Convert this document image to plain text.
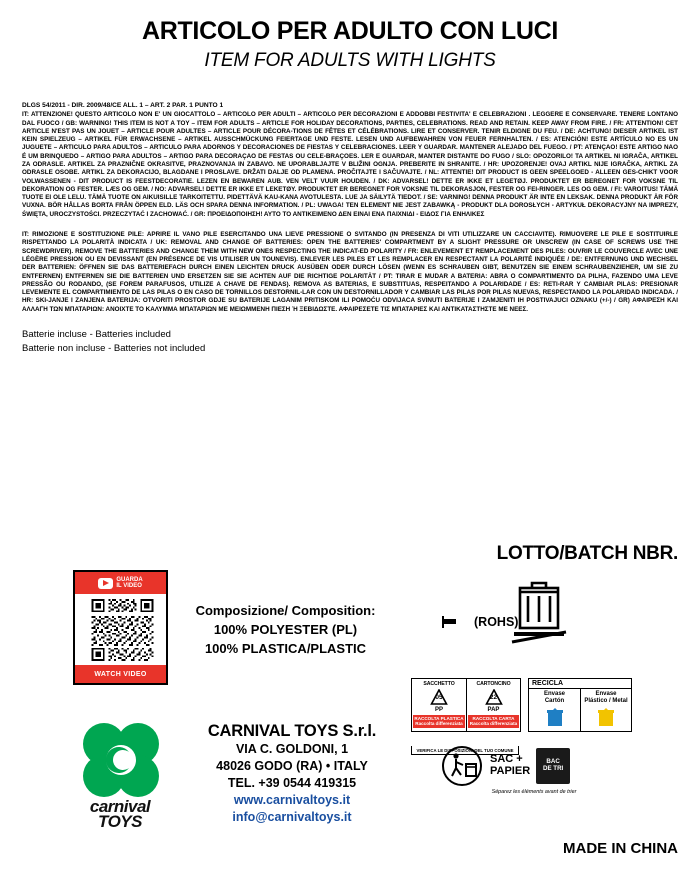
ARTICOLO PER ADULTO CON LUCI
ITEM FOR ADULTS WITH LIGHTS
DLGS 54/2011 - DIR. 2009/48/CE ALL. 1 – ART. 2 PAR. 1 PUNTO 1
IT: ATTENZIONE! QUESTO ARTICOLO NON E' UN GIOCATTOLO – ARTICOLO PER ADULTI – ARTICOLO PER DECORAZIONI E ADDOBBI FESTIVITA' E CELEBRAZIONI . LEGGERE E CONSERVARE. TENERE LONTANO DAL FUOCO / GB: WARNING! THIS ITEM IS NOT A TOY – ITEM FOR ADULTS – ARTICLE FOR HOLIDAY DECORATIONS, PARTIES, CELEBRATIONS. READ AND RETAIN. KEEP AWAY FROM FIRE. / FR: ATTENTION! CET ARTICLE N'EST PAS UN JOUET – ARTICLE POUR ADULTES – ARTICLE POUR DÉCORA-TIONS DE FÊTES ET CÉLÉBRATIONS. LIRE ET CONSERVER. TENIR ELDIGNE DU FEU. / DE: ACHTUNG! DIESER ARTIKEL IST KEIN SPIELZEUG – ARTIKEL FÜR ERWACHSENE – ARTIKEL AUSSCHMÜCKUNG FEIERTAGE UND FESTE. LESEN UND AUFBEWAHREN VON FEUER FERNHALTEN. / ES: ATENCIÓN! ESTE ARTÍCULO NO ES UN JUGUETE – ARTICULO PARA ADULTOS – ARTICULO PARA ADORNOS Y DECORACIONES DE FIESTAS Y CELEBRACIONES. LEER Y GUARDAR. MANTENER ALEJADO DEL FUEGO. / PT: ATENÇAO! ESTE ARTIGO NAO É UM BRINQUEDO – ARTIGO PARA ADULTOS – ARTIGO PARA DECORAÇAO DE FESTAS OU CELE-BRAÇOES. LER E GUARDAR, MANTER DISTANTE DO FUGO / SLO: OPOZORILO! TA ARTIKEL NI IGRAČA, ARTIKEL ZA ODRASLE. ARTIKEL ZA PRAZNIČNE OKRASITVE, PRAZNOVANJA IN ZABAVO. NE UPORABLJAJTE V BLIŽINI OGNJA. PREBERITE IN SHRANITE. / HR: UPOZORENJE! OVAJ ARTIKL NIJE IGRAČKA, ARTIKL ZA ODRASLE OSOBE. ARTIKL ZA DEKORACIJO, BLAGDANE I PROSLAVE. DRŽATI DALJE OD PLAMENA. PROČITAJTE I SAČUVAJTE. / NL: ATTENTIE! DIT PRODUCT IS GEEN SPEELGOED - ALLEEN GES-CHIKT VOOR VOLWASSENEN - DIT PRODUCT IS FEESTDECORATIE. LEZEN EN BEWAREN AUB. VEN VELT VUUR HOUDEN. / DK: ADVARSEL! DETTE ER IKKE ET LEGETØJ. PRODUKTET ER BEREGNET FOR VOKSNE TIL DEKORATION OG FESTER. LÆS OG GEM. / NO: ADVARSEL! DETTE ER IKKE ET LEKETØY. PRODUKTET ER BEREGNET FOR VOKSNE TIL DEKORASJON, FESTER OG FEI-RINGER. LES OG GEM. / FI: VAROITUS! TÄMÄ TUOTE EI OLE LELU. TÄMÄ TUOTE ON AIKUISILLE TARKOITETTU. PIDETTÄVÄ KAU-KANA AVOTULESTA. LUE JA SÄILYTÄ TIEDOT. / SE: VARNING! DENNA PRODUKT ÄR INTE EN LEKSAK. DENNA PRODUKT ÄR FÖR VUXNA. BÖR HÅLLAS BORTA FRÅN ÖPPEN ELD. LÄS OCH SPARA DENNA INFORMATION. / PL: UWAGA! TEN ELEMENT NIE JEST ZABAWKĄ - PRODUKT DLA DOROSŁYCH - ARTYKUŁ DEKORACYJNY NA IMPREZY, ŚWIĘTA, UROCZYSTOŚCI. PRZECZYTAĆ I ZACHOWAĆ. / GR: ΠΡΟΕΙΔΟΠΟΙΗΣΗ! ΑΥΤΟ ΤΟ ΑΝΤΙΚΕΙΜΕΝΟ ΔΕΝ ΕΙΝΑΙ ΕΝΑ ΠΑΙΧΝΙΔΙ - ΕΙΔΟΣ ΓΙΑ ΕΝΗΛΙΚΕΣ
IT: RIMOZIONE E SOSTITUZIONE PILE: APRIRE IL VANO PILE ESERCITANDO UNA LIEVE PRESSIONE O SVITANDO (IN PRESENZA DI VITI UTILIZZARE UN CACCIAVITE). RIMUOVERE LE PILE E SOSTITUIRLE RISPETTANDO LA POLARITÀ INDICATA / UK: REMOVAL AND CHANGE OF BATTERIES: OPEN THE BATTERIES' COMPARTMENT BY A SLIGHT PRESSURE OR UNSCREW (IN CASE OF SCREWS USE THE SCREWDRIVER). REMOVE THE BATTERIES AND CHANGE THEM WITH NEW ONES RESPECTING THE INDICAT-ED POLARITY / FR: ENLEVEMENT ET REMPLACEMENT DES PILES: OUVRIR LE COUVERCLE AVEC UNE LÉGÈRE PRESSION OU EN DEVISSANT (EN PRÉSENCE DE VIS UTILISER UN TOUNEVIS). ENLEVER LES PILES ET LES REMPLACER EN RESPECTANT LA POLARITÉ INDIQUÉE / DE: ENTFERNUNG UND WECHSEL DER BATTERIEN: ÖFFNEN SIE DAS BATTERIEFACH DURCH EINEN LEICHTEN DRUCK AUSÜBEN ODER DURCH LÖSEN (WENN ES SCHRAUBEN GIBT, BENUTZEN SIE EINEM SCHRAUBENZIEHER, UM SIE ZU ENTFERNEN) ENTFERNEN SIE DIE BATTERIEN UND ERSETZEN SIE SIE ACHTEN AUF DIE RICHTIGE POLARITÄT / PT: TIRAR E MUDAR A BATERIA: ABRA O COMPARTIMENTO DA PILHA, FAZENDO UMA LEVE PRESSÃO OU RODANDO, (SE FOREM PARAFUSOS, UTILIZE A CHAVE DE FENDAS). REMOVA AS BATERIAS, E SUBSTITUAS, RESPEITANDO A POLARIDADE / ES: RETI-RAR Y CAMBIAR PILAS: PRESIONAR LEVEMENTE EL COMPARTIMIENTO DE LAS PILAS O EN CASO DE TORNILLOS DESTORNIL-LAR CON UN DESTORNILLADOR Y CAMBIAR LAS PILAS POR PILAS NUEVAS, RESPECTANDO LA POLARIDAD INDICADA. / HR: SKI-JANJE I ZANJENA BATERIJA: OTVORITI PROSTOR GDJE SU BATERIJE LAGANIM PRITISKOM ILI POMOĆU ODVIJACA SVINUTI BATERIJE I ZAMJENITI IH POSTIVAJUCI OZNAKU (+/-) / GR) ΑΦΑΙΡΕΣΗ ΚΑΙ ΑΛΛΑΓΗ ΤΩΝ ΜΠΑΤΑΡΙΩΝ: ΑΝΟΙΧΤΕ ΤΟ ΚΑΛΥΜΜΑ ΜΠΑΤΑΡΙΩΝ ΜΕ ΜΕΙΩΜΜΕΝΗ ΠΙΕΣΗ Ή ΞΕΒΙΔΩΣΤΕ. ΑΦΑΙΡΕΣΕΤΕ ΤΙΣ ΜΠΑΤΑΡΙΕΣ ΚΑΙ ΑΝΤΙΚΑΤΑΣΤΗΣΤΕ ΜΕ ΝΕΕΣ.
Batterie incluse - Batteries included
Batterie non incluse - Batteries not included
LOTTO/BATCH NBR.
GUARDA
IL VIDEO
WATCH VIDEO
Composizione/ Composition:
100% POLYESTER (PL)
100% PLASTICA/PLASTIC
(ROHS)
SACCHETTO
05
PP
RACCOLTA PLASTICA
Raccolta differenziata
CARTONCINO
22
PAP
RACCOLTA CARTA
Raccolta differenziata
VERIFICA LE DISPOSIZIONI DEL TUO COMUNE
RECICLA
Envase
Cartón
Envase
Plástico / Metal
SAC +
PAPIER
BAC
DE TRI
Séparez les éléments avant de trier
carnival
TOYS
CARNIVAL TOYS S.r.l.
VIA C. GOLDONI, 1
48026 GODO (RA) • ITALY
TEL. +39 0544 419315
www.carnivaltoys.it
info@carnivaltoys.it
MADE IN CHINA
